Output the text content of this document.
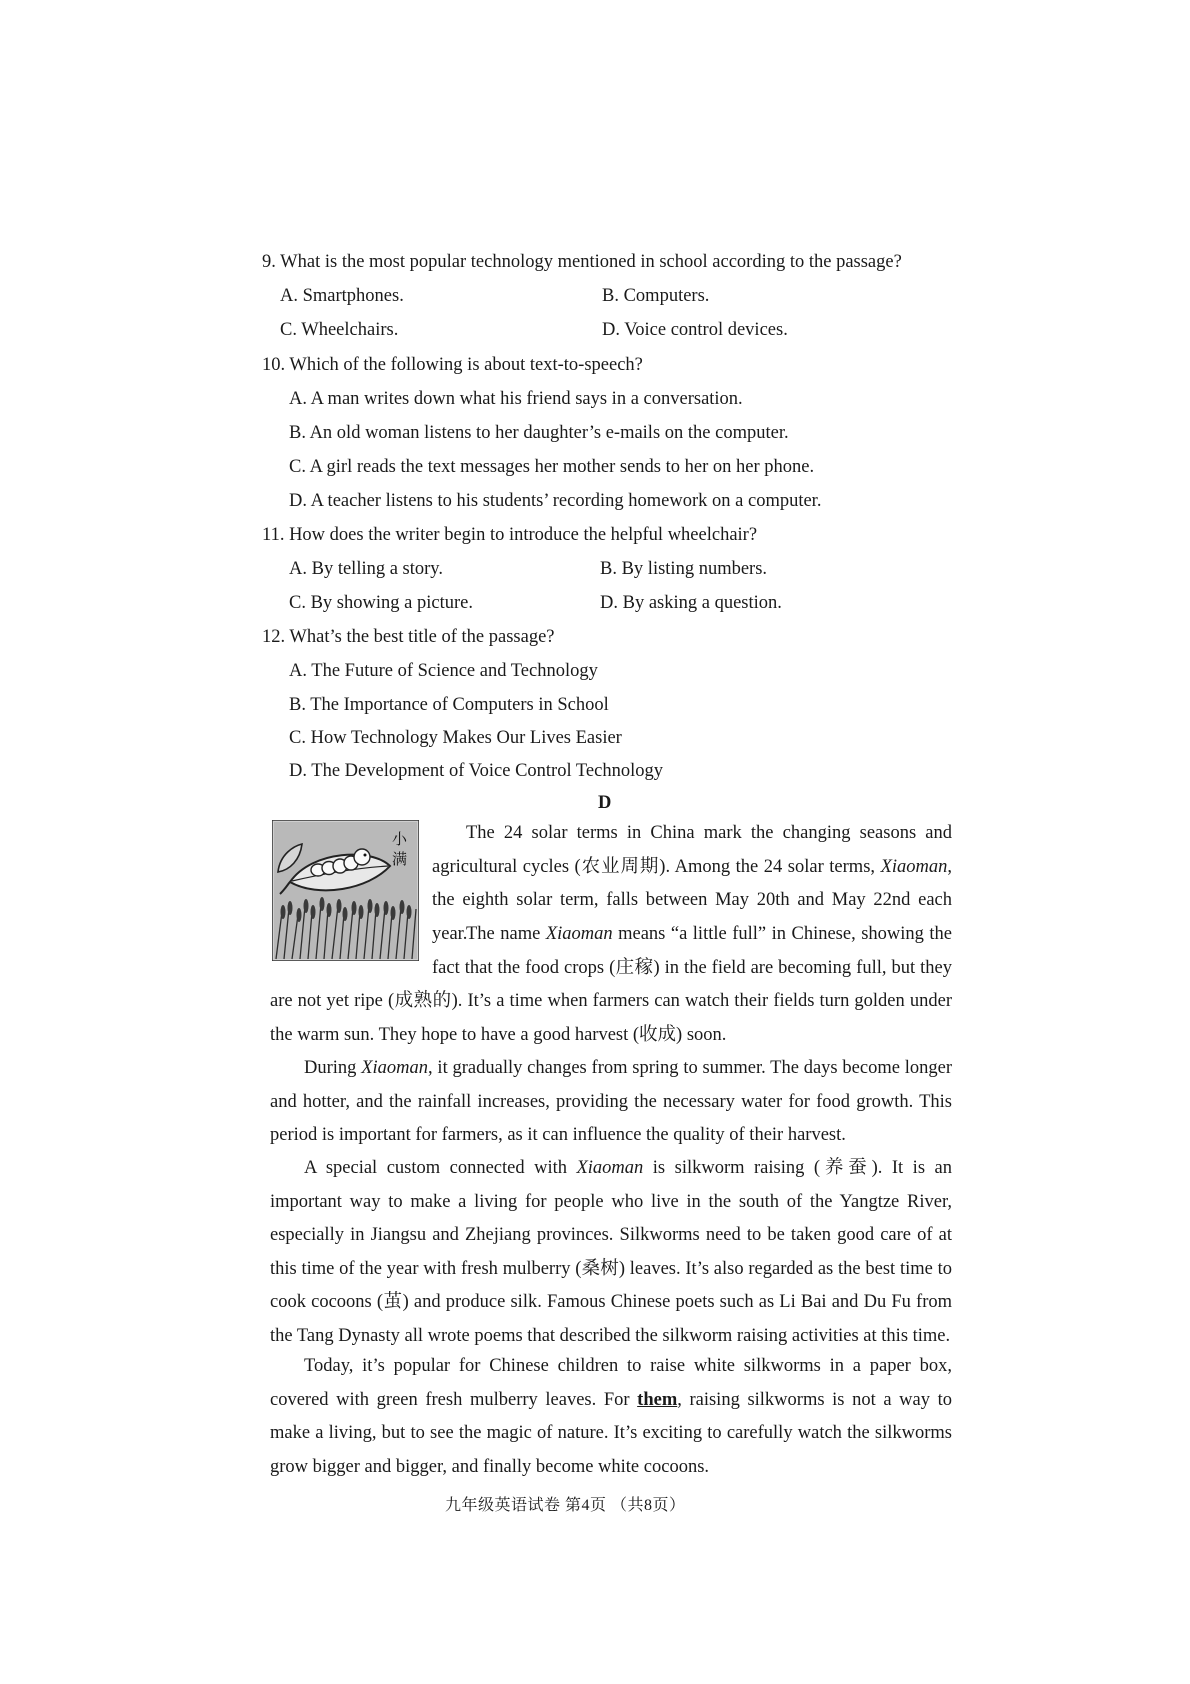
9. What is the most popular technology mentioned in school according to the passage?
A. Smartphones.	B. Computers.
C. Wheelchairs.	D. Voice control devices.
10. Which of the following is about text-to-speech?
A. A man writes down what his friend says in a conversation.
B. An old woman listens to her daughter’s e-mails on the computer.
C. A girl reads the text messages her mother sends to her on her phone.
D. A teacher listens to his students’ recording homework on a computer.
11. How does the writer begin to introduce the helpful wheelchair?
A. By telling a story.	B. By listing numbers.
C. By showing a picture.	D. By asking a question.
12. What’s the best title of the passage?
A. The Future of Science and Technology
B. The Importance of Computers in School
C. How Technology Makes Our Lives Easier
D. The Development of Voice Control Technology
D
小
满

The 24 solar terms in China mark the changing seasons and agricultural cycles (农业周期). Among the 24 solar terms, Xiaoman, the eighth solar term, falls between May 20th and May 22nd each year.

The name Xiaoman means “a little full” in Chinese, showing the fact that the food crops (庄稼) in the field are becoming full, but they are not yet ripe (成熟的). It’s a time when farmers can watch their fields turn golden under the warm sun. They hope to have a good harvest (收成) soon.

During Xiaoman, it gradually changes from spring to summer. The days become longer and hotter, and the rainfall increases, providing the necessary water for food growth. This period is important for farmers, as it can influence the quality of their harvest.

A special custom connected with Xiaoman is silkworm raising (养蚕). It is an important way to make a living for people who live in the south of the Yangtze River, especially in Jiangsu and Zhejiang provinces. Silkworms need to be taken good care of at this time of the year with fresh mulberry (桑树) leaves. It’s also regarded as the best time to cook cocoons (茧) and produce silk. Famous Chinese poets such as Li Bai and Du Fu from the Tang Dynasty all wrote poems that described the silkworm raising activities at this time.

Today, it’s popular for Chinese children to raise white silkworms in a paper box, covered with green fresh mulberry leaves. For them, raising silkworms is not a way to make a living, but to see the magic of nature. It’s exciting to carefully watch the silkworms grow bigger and bigger, and finally become white cocoons.

九年级英语试卷 第4页 （共8页）
